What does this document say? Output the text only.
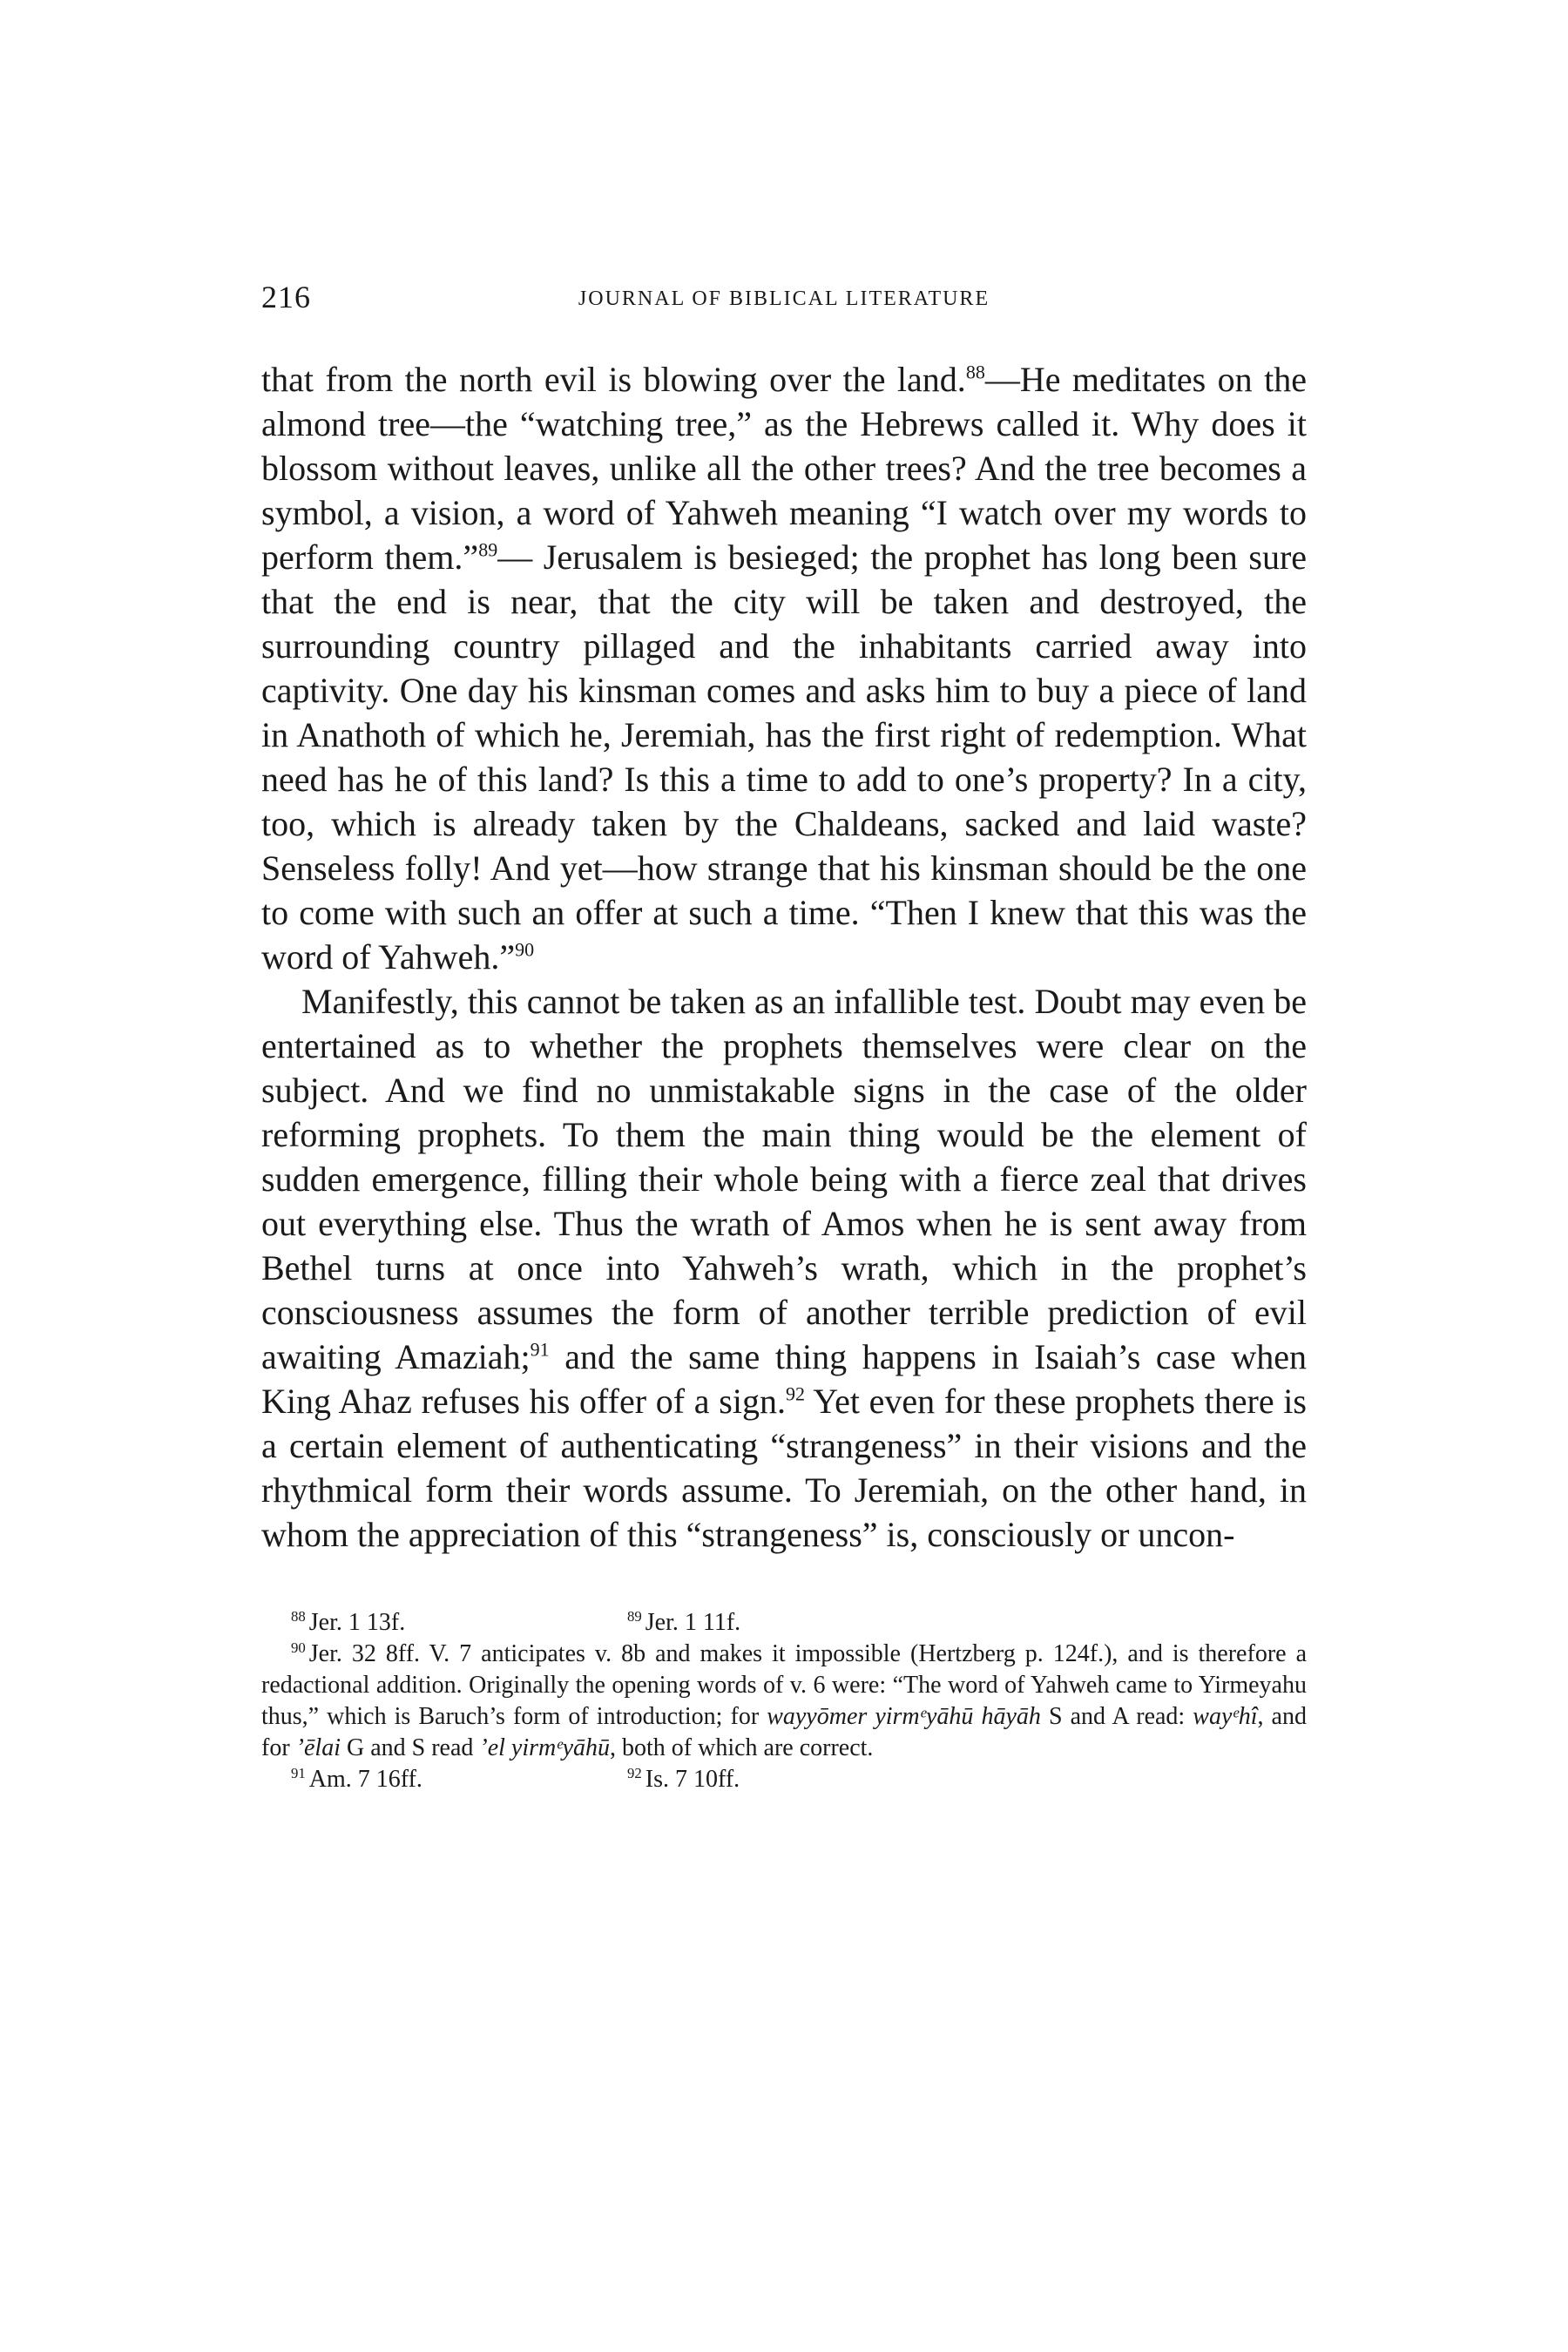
216	JOURNAL OF BIBLICAL LITERATURE

that from the north evil is blowing over the land.$^{88}$—He meditates on the almond tree—the “watching tree,” as the Hebrews called it. Why does it blossom without leaves, unlike all the other trees? And the tree becomes a symbol, a vision, a word of Yahweh meaning “I watch over my words to perform them.”$^{89}$— Jerusalem is besieged; the prophet has long been sure that the end is near, that the city will be taken and destroyed, the surrounding country pillaged and the inhabitants carried away into captivity. One day his kinsman comes and asks him to buy a piece of land in Anathoth of which he, Jeremiah, has the first right of redemption. What need has he of this land? Is this a time to add to one’s property? In a city, too, which is already taken by the Chaldeans, sacked and laid waste? Senseless folly! And yet—how strange that his kinsman should be the one to come with such an offer at such a time. “Then I knew that this was the word of Yahweh.”$^{90}$

Manifestly, this cannot be taken as an infallible test. Doubt may even be entertained as to whether the prophets themselves were clear on the subject. And we find no unmistakable signs in the case of the older reforming prophets. To them the main thing would be the element of sudden emergence, filling their whole being with a fierce zeal that drives out everything else. Thus the wrath of Amos when he is sent away from Bethel turns at once into Yahweh’s wrath, which in the prophet’s consciousness assumes the form of another terrible prediction of evil awaiting Amaziah;$^{91}$ and the same thing happens in Isaiah’s case when King Ahaz refuses his offer of a sign.$^{92}$ Yet even for these prophets there is a certain element of authenticating “strangeness” in their visions and the rhythmical form their words assume. To Jeremiah, on the other hand, in whom the appreciation of this “strangeness” is, consciously or uncon-

$^{88}$ Jer. 1 13f.	$^{89}$ Jer. 1 11f.
$^{90}$ Jer. 32 8ff. V. 7 anticipates v. 8b and makes it impossible (Hertzberg p. 124f.), and is therefore a redactional addition. Originally the opening words of v. 6 were: “The word of Yahweh came to Yirmeyahu thus,” which is Baruch’s form of introduction; for wayyōmer yirmᵉyāhū hāyāh S and A read: wayᵉhî, and for ’ēlai G and S read ’el yirmᵉyāhū, both of which are correct.
$^{91}$ Am. 7 16ff.	$^{92}$ Is. 7 10ff.
